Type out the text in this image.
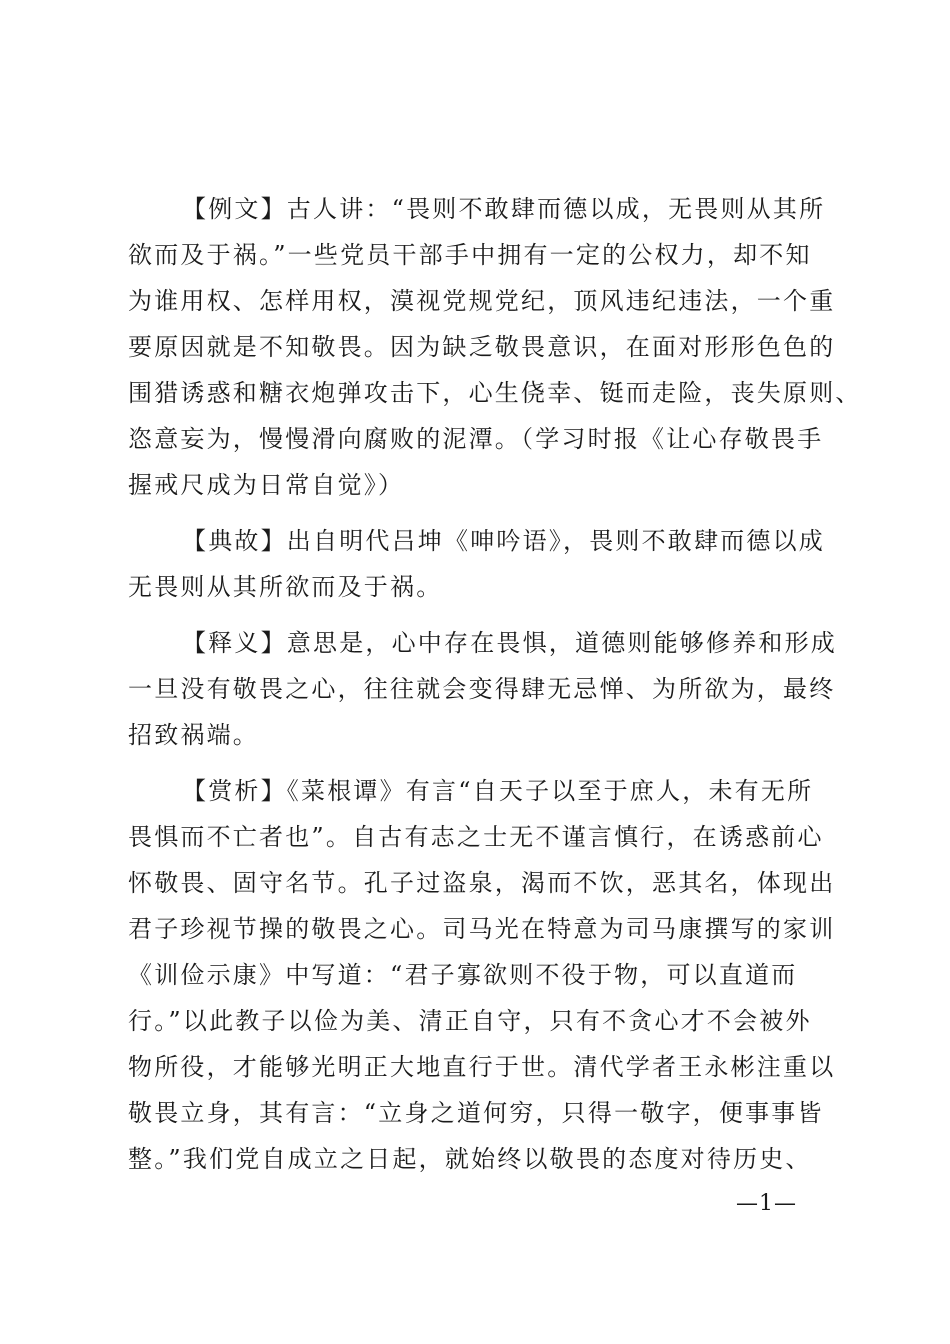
【例文】古人讲：“畏则不敢肆而德以成，无畏则从其所
欲而及于祸。”一些党员干部手中拥有一定的公权力，却不知
为谁用权、怎样用权，漠视党规党纪，顶风违纪违法，一个重
要原因就是不知敬畏。因为缺乏敬畏意识，在面对形形色色的
围猎诱惑和糖衣炮弹攻击下，心生侥幸、铤而走险，丧失原则、
恣意妄为，慢慢滑向腐败的泥潭。（学习时报《让心存敬畏手
握戒尺成为日常自觉》）
【典故】出自明代吕坤《呻吟语》，畏则不敢肆而德以成
无畏则从其所欲而及于祸。
【释义】意思是，心中存在畏惧，道德则能够修养和形成
一旦没有敬畏之心，往往就会变得肆无忌惮、为所欲为，最终
招致祸端。
【赏析】《菜根谭》有言“自天子以至于庶人，未有无所
畏惧而不亡者也”。自古有志之士无不谨言慎行，在诱惑前心
怀敬畏、固守名节。孔子过盗泉，渴而不饮，恶其名，体现出
君子珍视节操的敬畏之心。司马光在特意为司马康撰写的家训
《训俭示康》中写道：“君子寡欲则不役于物，可以直道而
行。”以此教子以俭为美、清正自守，只有不贪心才不会被外
物所役，才能够光明正大地直行于世。清代学者王永彬注重以
敬畏立身，其有言：“立身之道何穷，只得一敬字，便事事皆
整。”我们党自成立之日起，就始终以敬畏的态度对待历史、
—1—
